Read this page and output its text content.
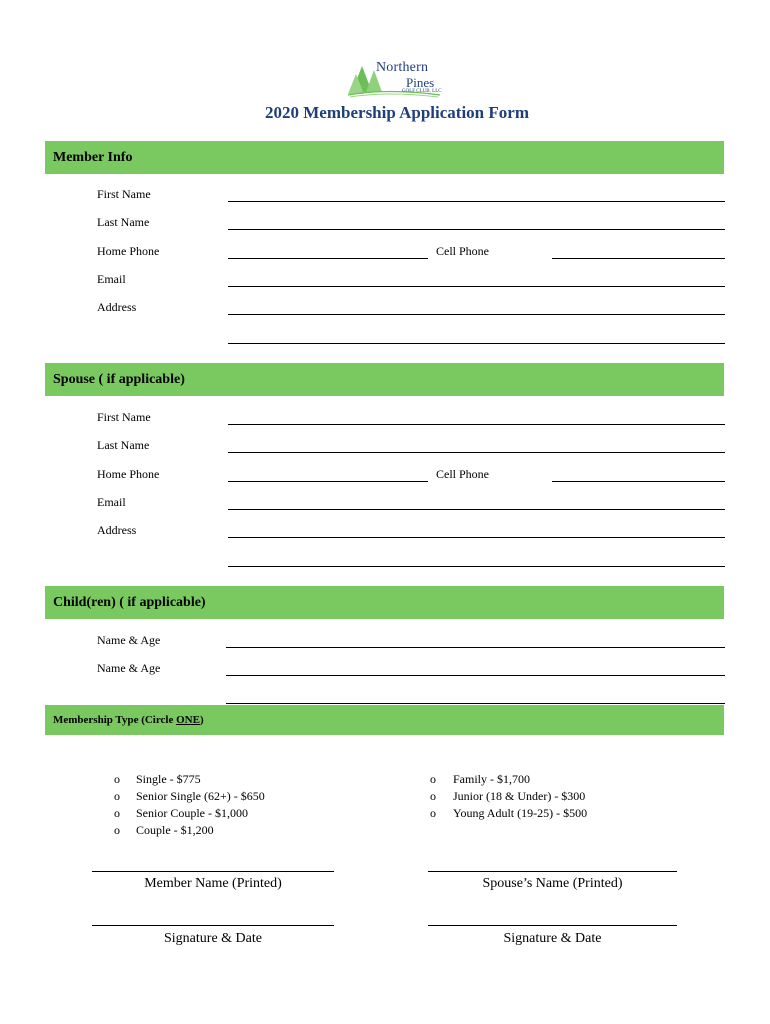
Northern
Pines
GOLF CLUB, LLC
2020 Membership Application Form
Member Info
First Name
Last Name
Home Phone	Cell Phone
Email
Address
Spouse ( if applicable)
First Name
Last Name
Home Phone	Cell Phone
Email
Address
Child(ren) ( if applicable)
Name & Age
Name & Age
Membership Type (Circle ONE)
o Single - $775
o Senior Single (62+) - $650
o Senior Couple - $1,000
o Couple - $1,200
o Family - $1,700
o Junior (18 & Under) - $300
o Young Adult (19-25) - $500
Member Name (Printed)	Spouse’s Name (Printed)
Signature & Date	Signature & Date
